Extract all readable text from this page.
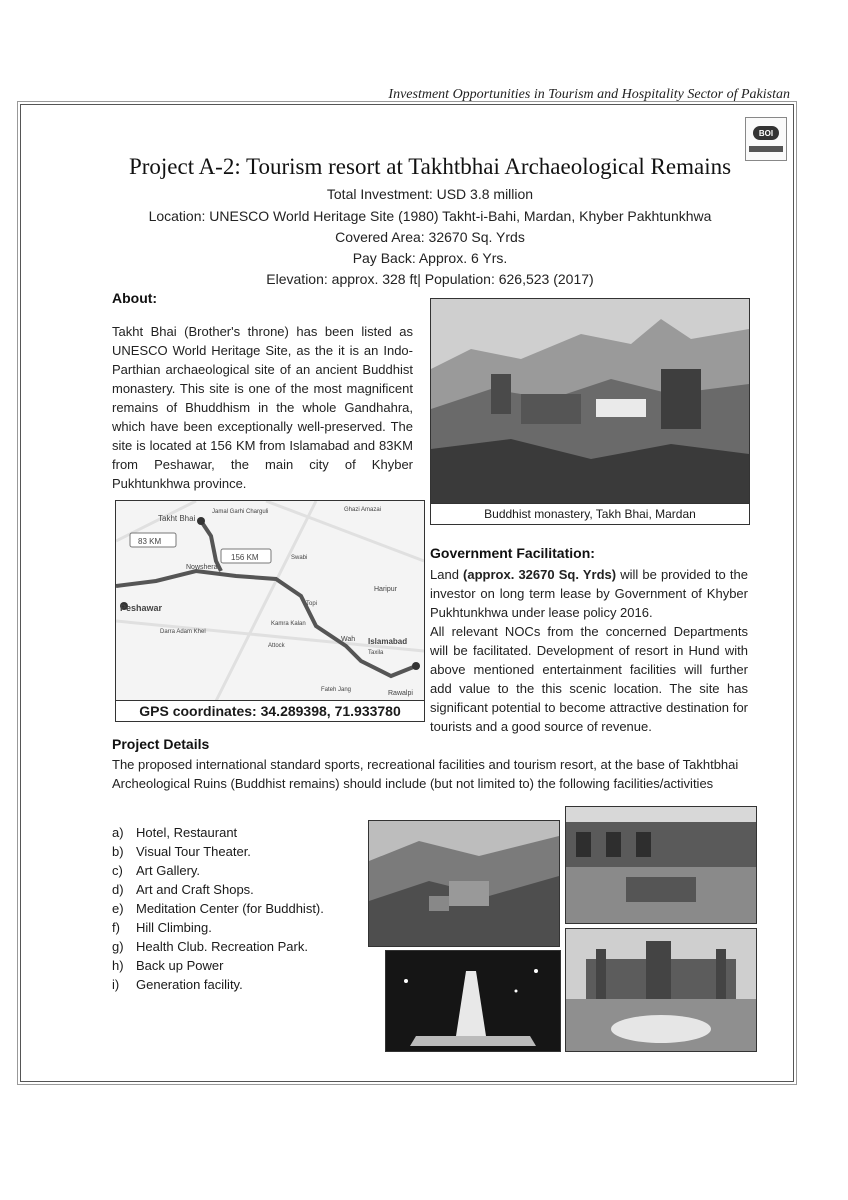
Investment Opportunities in Tourism and Hospitality Sector of Pakistan
BOI
Project A-2: Tourism resort at Takhtbhai Archaeological Remains
Total Investment: USD 3.8 million
Location: UNESCO World Heritage Site (1980) Takht-i-Bahi, Mardan, Khyber Pakhtunkhwa
Covered Area: 32670 Sq. Yrds
Pay Back: Approx. 6 Yrs.
Elevation: approx. 328 ft| Population: 626,523 (2017)
About:

Takht Bhai (Brother's throne) has been listed as UNESCO World Heritage Site, as the it is an Indo-Parthian archaeological site of an ancient Buddhist monastery. This site is one of the most magnificent remains of Bhuddhism in the whole Gandhahra, which have been exceptionally well-preserved. The site is located at 156 KM from Islamabad and 83KM from Peshawar, the main city of Khyber Pukhtunkhwa province.

Buddhist monastery, Takh Bhai, Mardan
Takht Bhai
Jamal Garhi Charguli	Ghazi Amazai
83 KM
156 KM	Swabi
Nowshera
Haripur
Topi
Peshawar
Darra Adam Khel
Kamra Kalan
Attock
Wah Islamabad
Taxila
Fateh Jang	Rawalpi
GPS coordinates: 34.289398, 71.933780
Government Facilitation:

Land (approx. 32670 Sq. Yrds) will be provided to the investor on long term lease by Government of Khyber Pukhtunkhwa under lease policy 2016.

All relevant NOCs from the concerned Departments will be facilitated. Development of resort in Hund with above mentioned entertainment facilities will further add value to the this scenic location. The site has significant potential to become attractive destination for tourists and a good source of revenue.

Project Details

The proposed international standard sports, recreational facilities and tourism resort, at the base of Takhtbhai Archeological Ruins (Buddhist remains) should include (but not limited to) the following facilities/activities

a) Hotel, Restaurant
b) Visual Tour Theater.
c)	Art Gallery.
d) Art and Craft Shops.
e) Meditation Center (for Buddhist).
f)	Hill Climbing.
g) Health Club. Recreation Park.
h) Back up Power
i)	Generation facility.
